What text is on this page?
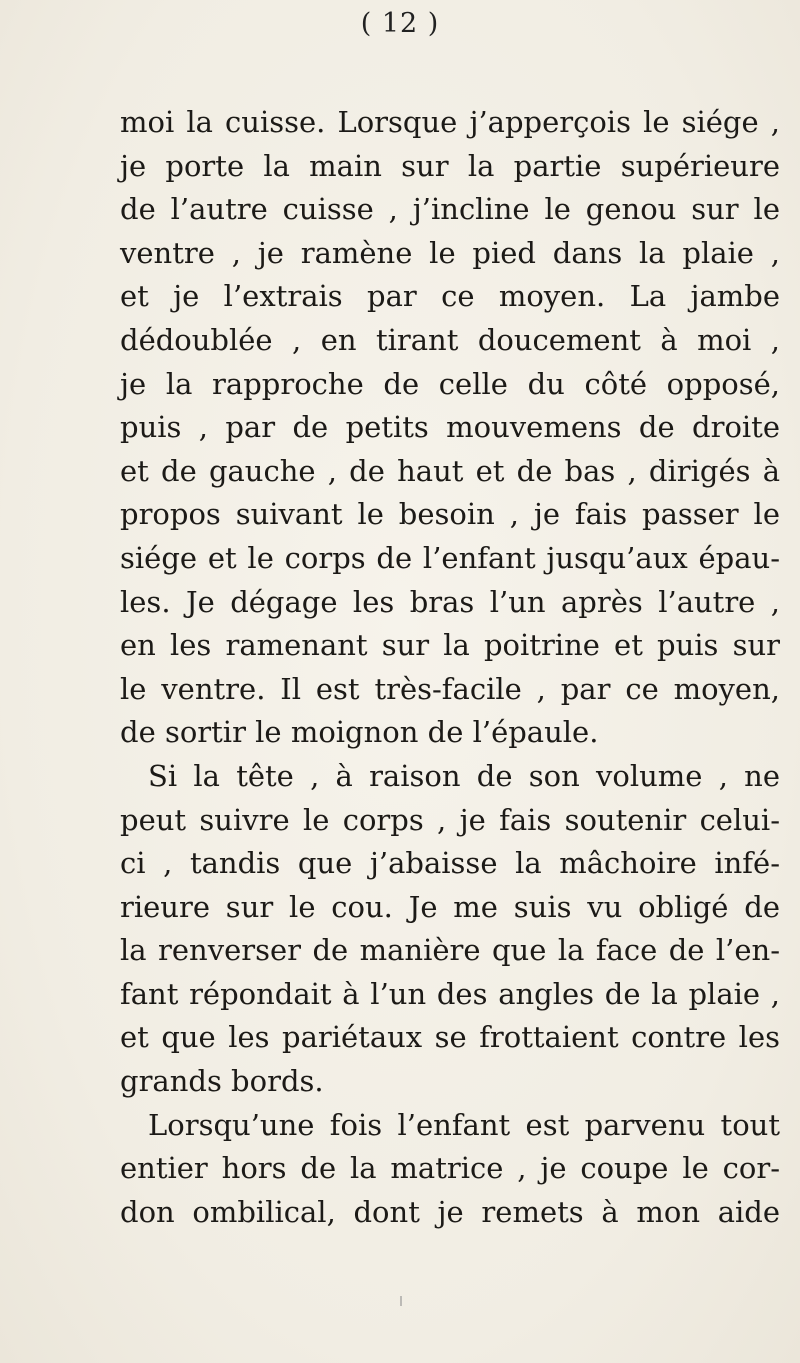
( 12 )
moi la cuisse. Lorsque j’apperçois le siége ,
je porte la main sur la partie supérieure
de l’autre cuisse , j’incline le genou sur le
ventre , je ramène le pied dans la plaie ,
et je l’extrais par ce moyen. La jambe
dédoublée , en tirant doucement à moi ,
je la rapproche de celle du côté opposé,
puis , par de petits mouvemens de droite
et de gauche , de haut et de bas , dirigés à
propos suivant le besoin , je fais passer le
siége et le corps de l’enfant jusqu’aux épau-
les. Je dégage les bras l’un après l’autre ,
en les ramenant sur la poitrine et puis sur
le ventre. Il est très-facile , par ce moyen,
de sortir le moignon de l’épaule.
Si la tête , à raison de son volume , ne
peut suivre le corps , je fais soutenir celui-
ci , tandis que j’abaisse la mâchoire infé-
rieure sur le cou. Je me suis vu obligé de
la renverser de manière que la face de l’en-
fant répondait à l’un des angles de la plaie ,
et que les pariétaux se frottaient contre les
grands bords.
Lorsqu’une fois l’enfant est parvenu tout
entier hors de la matrice , je coupe le cor-
don ombilical, dont je remets à mon aide
